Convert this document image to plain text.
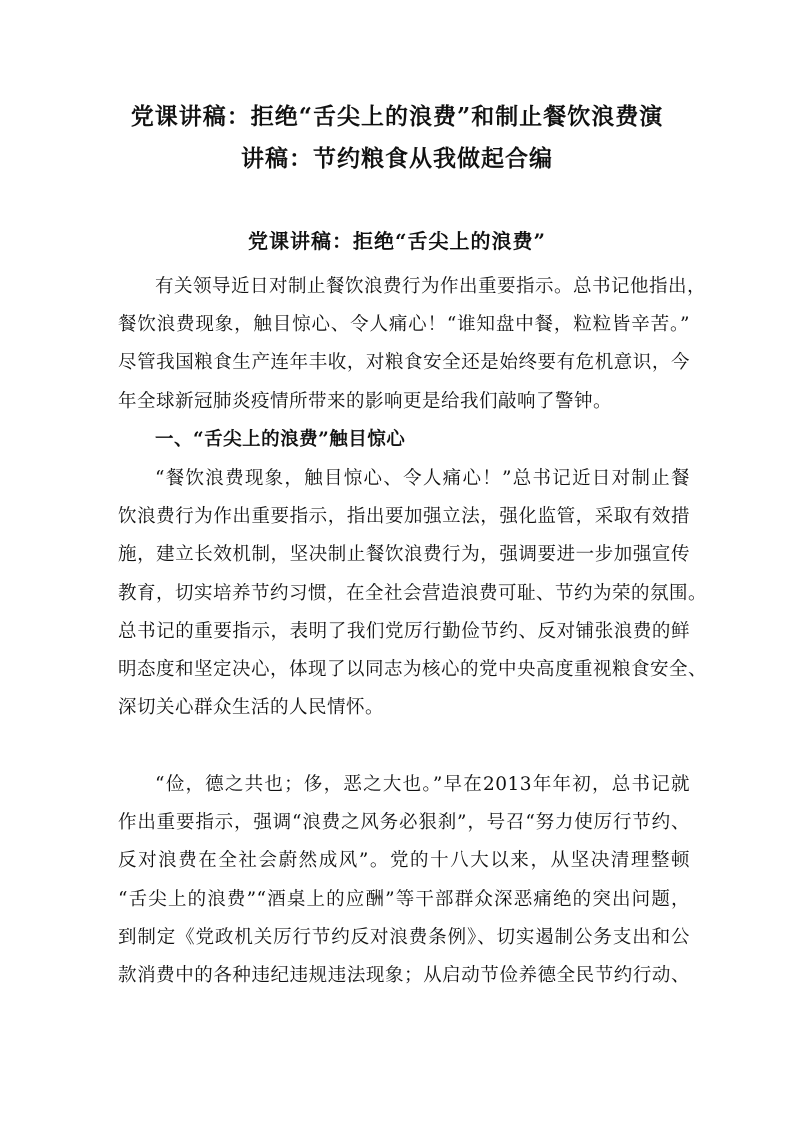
党课讲稿：拒绝“舌尖上的浪费”和制止餐饮浪费演
讲稿：节约粮食从我做起合编
党课讲稿：拒绝“舌尖上的浪费”
有关领导近日对制止餐饮浪费行为作出重要指示。总书记他指出，
餐饮浪费现象，触目惊心、令人痛心！“谁知盘中餐，粒粒皆辛苦。”
尽管我国粮食生产连年丰收，对粮食安全还是始终要有危机意识，今
年全球新冠肺炎疫情所带来的影响更是给我们敲响了警钟。
一、“舌尖上的浪费”触目惊心
“餐饮浪费现象，触目惊心、令人痛心！”总书记近日对制止餐
饮浪费行为作出重要指示，指出要加强立法，强化监管，采取有效措
施，建立长效机制，坚决制止餐饮浪费行为，强调要进一步加强宣传
教育，切实培养节约习惯，在全社会营造浪费可耻、节约为荣的氛围。
总书记的重要指示，表明了我们党厉行勤俭节约、反对铺张浪费的鲜
明态度和坚定决心，体现了以同志为核心的党中央高度重视粮食安全、
深切关心群众生活的人民情怀。
“俭，德之共也；侈，恶之大也。”早在2013年年初，总书记就
作出重要指示，强调“浪费之风务必狠刹”，号召“努力使厉行节约、
反对浪费在全社会蔚然成风”。党的十八大以来，从坚决清理整顿
“舌尖上的浪费”“酒桌上的应酬”等干部群众深恶痛绝的突出问题，
到制定《党政机关厉行节约反对浪费条例》、切实遏制公务支出和公
款消费中的各种违纪违规违法现象；从启动节俭养德全民节约行动、
